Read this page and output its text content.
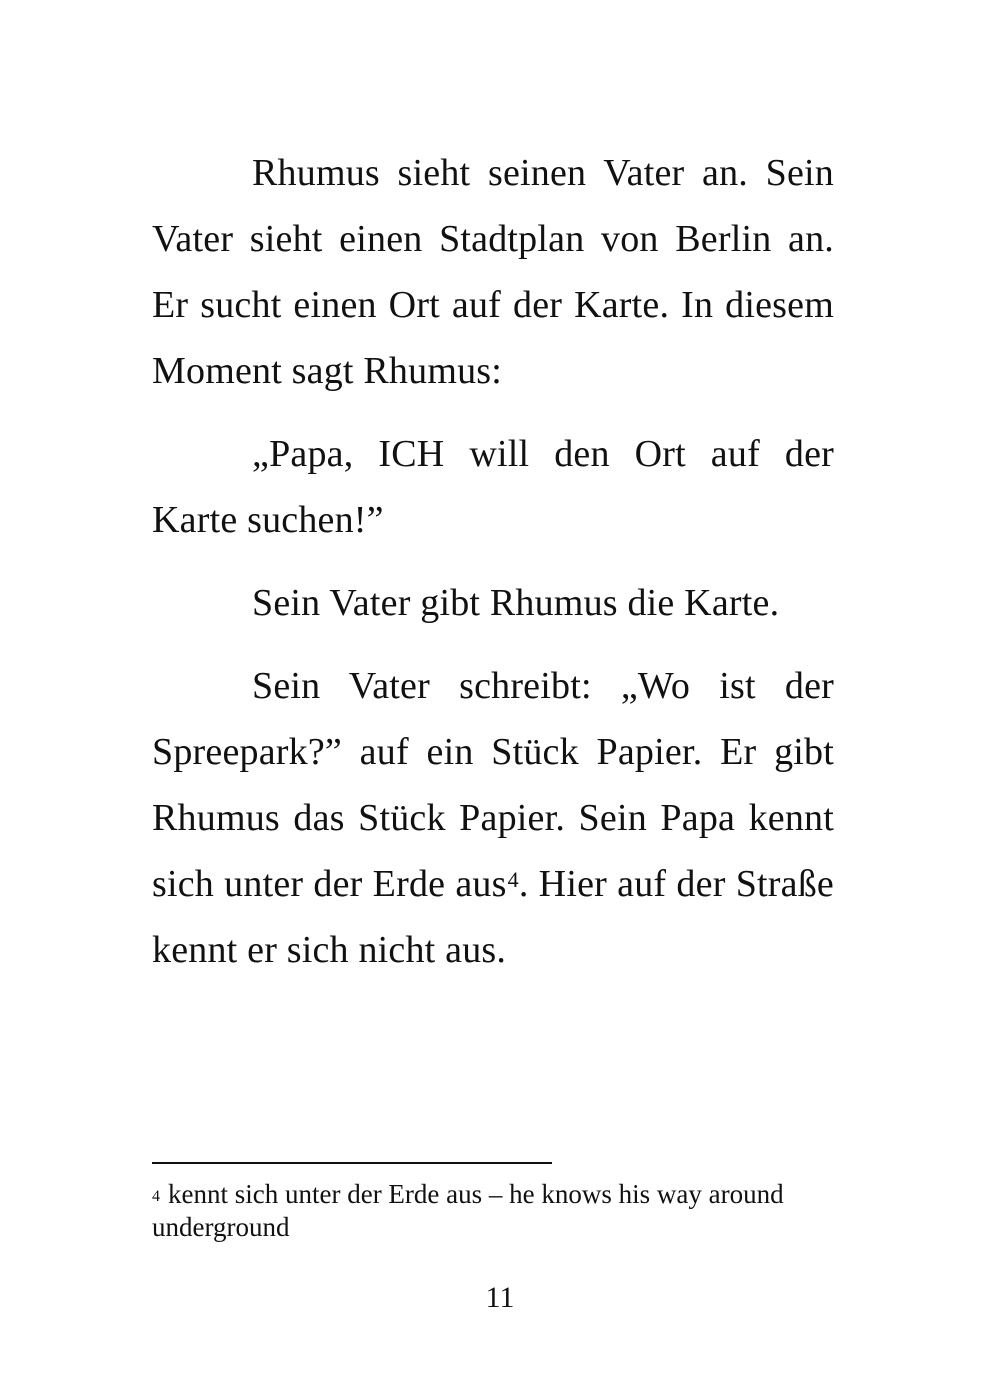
Rhumus sieht seinen Vater an. Sein Vater sieht einen Stadtplan von Berlin an. Er sucht einen Ort auf der Karte. In diesem Moment sagt Rhumus:

„Papa, ICH will den Ort auf der Karte suchen!”

Sein Vater gibt Rhumus die Karte.

Sein Vater schreibt: „Wo ist der Spreepark?” auf ein Stück Papier. Er gibt Rhumus das Stück Papier. Sein Papa kennt sich unter der Erde aus$^4$. Hier auf der Straße kennt er sich nicht aus.

$^4$ kennt sich unter der Erde aus – he knows his way around underground

11
